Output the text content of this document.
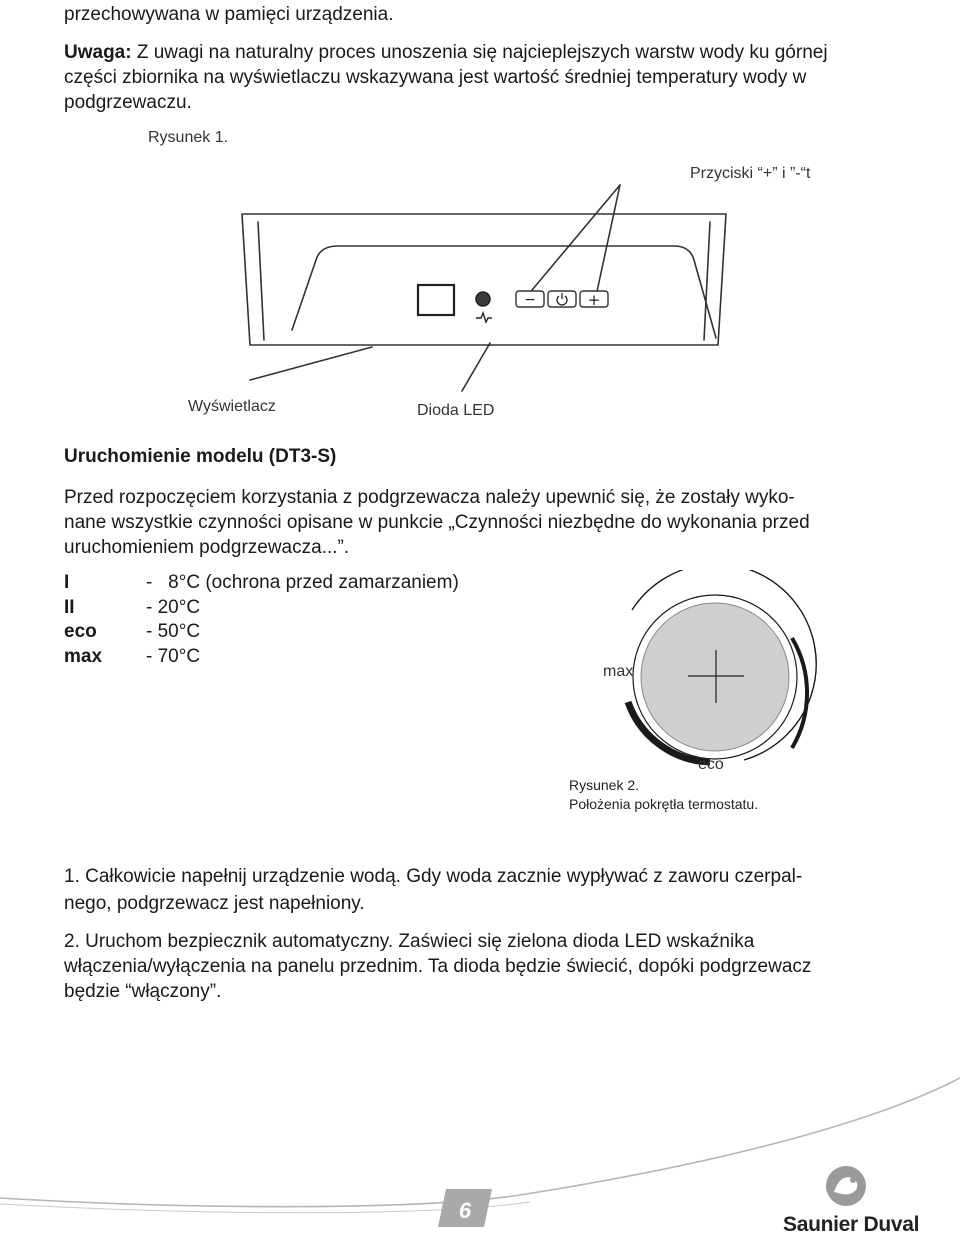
przechowywana w pamięci urządzenia.
Uwaga: Z uwagi na naturalny proces unoszenia się najcieplejszych warstw wody ku górnej
części zbiornika na wyświetlaczu wskazywana jest wartość średniej temperatury wody w
podgrzewaczu.
Rysunek 1.
Przyciski “+” i ”-“t
−	+
Wyświetlacz	Dioda LED
Uruchomienie modelu (DT3-S)
Przed rozpoczęciem korzystania z podgrzewacza należy upewnić się, że zostały wyko-
nane wszystkie czynności opisane w punkcie „Czynności niezbędne do wykonania przed
uruchomieniem podgrzewacza...”.
I	-   8°C (ochrona przed zamarzaniem)
II	- 20°C
eco	- 50°C
max - 70°C
max
eco
Rysunek 2.
Położenia pokrętła termostatu.
1. Całkowicie napełnij urządzenie wodą. Gdy woda zacznie wypływać z zaworu czerpal-
nego, podgrzewacz jest napełniony.
2. Uruchom bezpiecznik automatyczny. Zaświeci się zielona dioda LED wskaźnika
włączenia/wyłączenia na panelu przednim. Ta dioda będzie świecić, dopóki podgrzewacz
będzie “włączony”.
6
Saunier Duval
